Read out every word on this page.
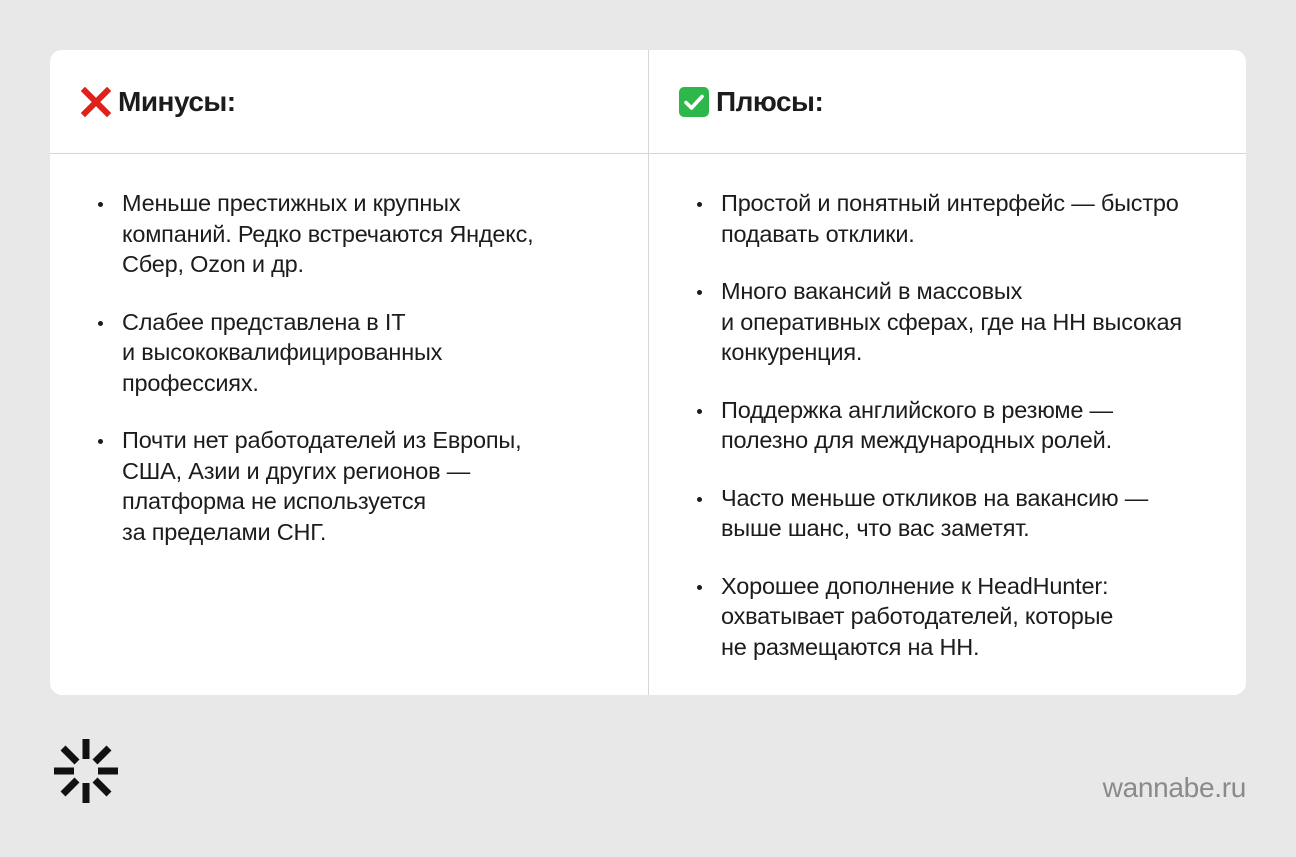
Минусы:
Меньше престижных и крупных
компаний. Редко встречаются Яндекс,
Сбер, Ozon и др.
Слабее представлена в IT
и высококвалифицированных
профессиях.
Почти нет работодателей из Европы,
США, Азии и других регионов —
платформа не используется
за пределами СНГ.
Плюсы:
Простой и понятный интерфейс — быстро
подавать отклики.
Много вакансий в массовых
и оперативных сферах, где на HH высокая
конкуренция.
Поддержка английского в резюме —
полезно для международных ролей.
Часто меньше откликов на вакансию —
выше шанс, что вас заметят.
Хорошее дополнение к HeadHunter:
охватывает работодателей, которые
не размещаются на HH.
wannabe.ru
